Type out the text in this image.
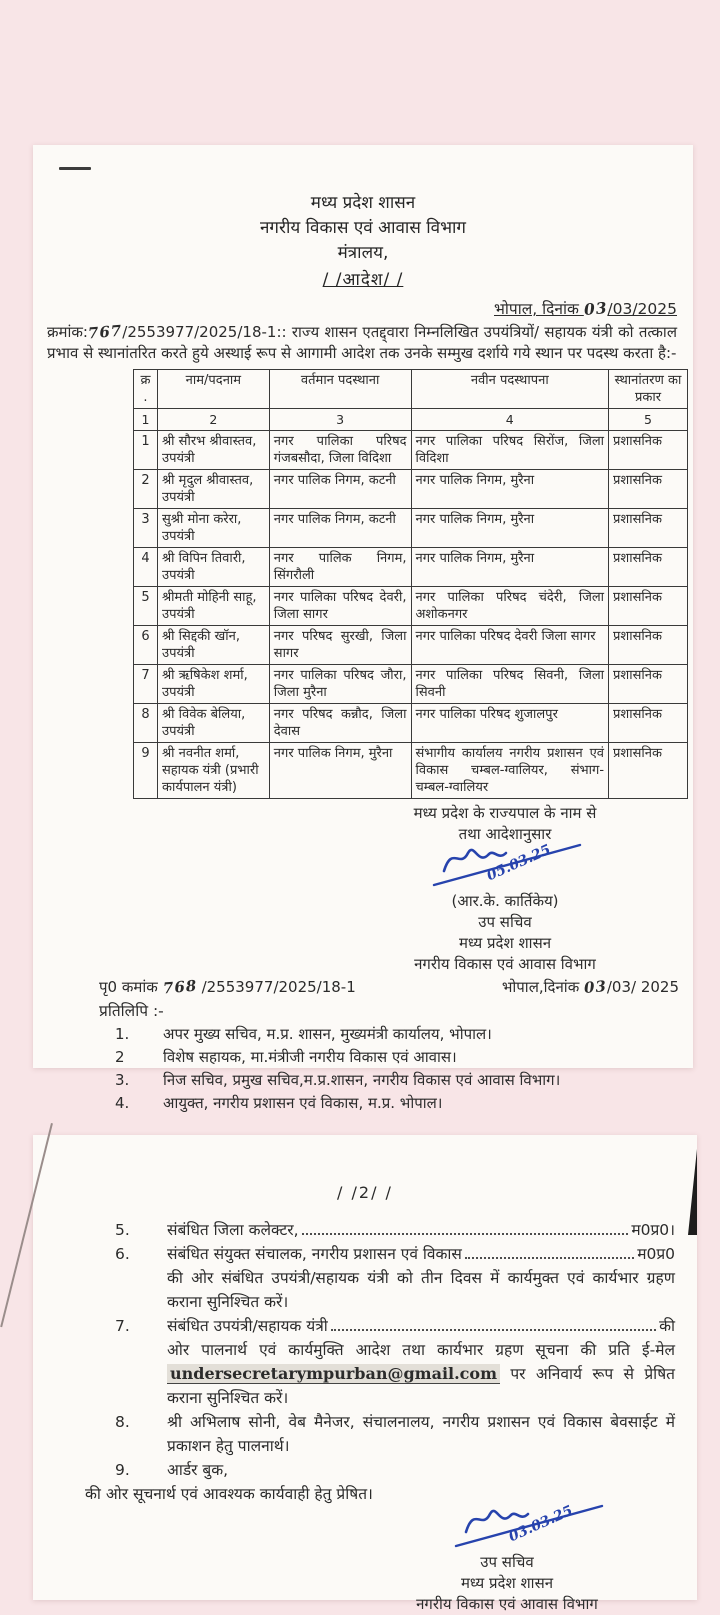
मध्य प्रदेश शासन
नगरीय विकास एवं आवास विभाग
मंत्रालय,
/ /आदेश/ /
भोपाल, दिनांक 03/03/2025
क्रमांक:767/2553977/2025/18-1:: राज्य शासन एतद्द्वारा निम्नलिखित उपयंत्रियों/ सहायक यंत्री को तत्काल प्रभाव से स्थानांतरित करते हुये अस्थाई रूप से आगामी आदेश तक उनके सम्मुख दर्शाये गये स्थान पर पदस्थ करता है:-
क्र .	नाम/पदनाम	वर्तमान पदस्थाना	नवीन पदस्थापना	स्थानांतरण का प्रकार
1	2	3	4	5
1	श्री सौरभ श्रीवास्तव, उपयंत्री	नगर पालिका परिषद गंजबसौदा, जिला विदिशा	नगर पालिका परिषद सिरोंज, जिला विदिशा	प्रशासनिक
2	श्री मृदुल श्रीवास्तव, उपयंत्री	नगर पालिक निगम, कटनी	नगर पालिक निगम, मुरैना	प्रशासनिक
3	सुश्री मोना करेरा, उपयंत्री	नगर पालिक निगम, कटनी	नगर पालिक निगम, मुरैना	प्रशासनिक
4	श्री विपिन तिवारी, उपयंत्री	नगर पालिक निगम, सिंगरौली	नगर पालिक निगम, मुरैना	प्रशासनिक
5	श्रीमती मोहिनी साहू, उपयंत्री	नगर पालिका परिषद देवरी, जिला सागर	नगर पालिका परिषद चंदेरी, जिला अशोकनगर	प्रशासनिक
6	श्री सिद्दकी खॉन, उपयंत्री	नगर परिषद सुरखी, जिला सागर	नगर पालिका परिषद देवरी जिला सागर	प्रशासनिक
7	श्री ऋषिकेश शर्मा, उपयंत्री	नगर पालिका परिषद जौरा, जिला मुरैना	नगर पालिका परिषद सिवनी, जिला सिवनी	प्रशासनिक
8	श्री विवेक बेलिया, उपयंत्री	नगर परिषद कन्नौद, जिला देवास	नगर पालिका परिषद शुजालपुर	प्रशासनिक
9	श्री नवनीत शर्मा, सहायक यंत्री (प्रभारी कार्यपालन यंत्री)	नगर पालिक निगम, मुरैना	संभागीय कार्यालय नगरीय प्रशासन एवं विकास चम्बल-ग्वालियर, संभाग- चम्बल-ग्वालियर	प्रशासनिक
मध्य प्रदेश के राज्यपाल के नाम से
तथा आदेशानुसार
05.03.25
(आर.के. कार्तिकेय)
उप सचिव
मध्य प्रदेश शासन
नगरीय विकास एवं आवास विभाग
पृ0 कमांक 768 /2553977/2025/18-1	भोपाल,दिनांक 03/03/ 2025
प्रतिलिपि :-
1.	अपर मुख्य सचिव, म.प्र. शासन, मुख्यमंत्री कार्यालय, भोपाल।
2	विशेष सहायक, मा.मंत्रीजी नगरीय विकास एवं आवास।
3.	निज सचिव, प्रमुख सचिव,म.प्र.शासन, नगरीय विकास एवं आवास विभाग।
4.	आयुक्त, नगरीय प्रशासन एवं विकास, म.प्र. भोपाल।
/ /2/ /
5.	संबंधित जिला कलेक्टर,	म0प्र0।
6.	संबंधित संयुक्त संचालक, नगरीय प्रशासन एवं विकास	म0प्र0
की ओर संबंधित उपयंत्री/सहायक यंत्री को तीन दिवस में कार्यमुक्त एवं कार्यभार ग्रहण कराना सुनिश्चित करें।
7.	संबंधित उपयंत्री/सहायक यंत्री	की
ओर पालनार्थ एवं कार्यमुक्ति आदेश तथा कार्यभार ग्रहण सूचना की प्रति ई-मेल undersecretarympurban@gmail.com पर अनिवार्य रूप से प्रेषित कराना सुनिश्चित करें।
8.	श्री अभिलाष सोनी, वेब मैनेजर, संचालनालय, नगरीय प्रशासन एवं विकास बेवसाईट में प्रकाशन हेतु पालनार्थ।
9.	आर्डर बुक,
की ओर सूचनार्थ एवं आवश्यक कार्यवाही हेतु प्रेषित।
03.03.25
उप सचिव
मध्य प्रदेश शासन
नगरीय विकास एवं आवास विभाग
